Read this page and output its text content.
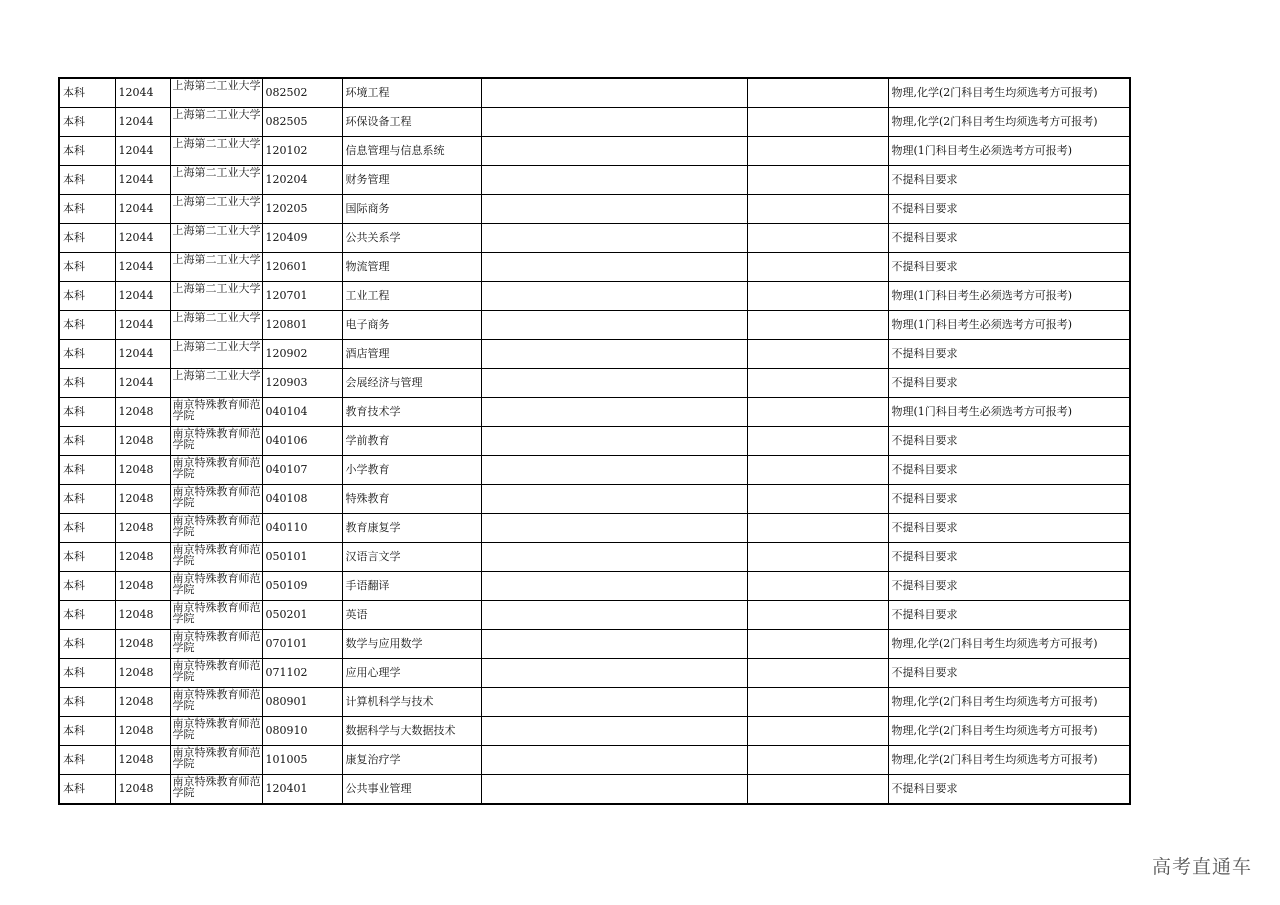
本科	12044	上海第二工业大学	082502	环境工程			物理,化学(2门科目考生均须选考方可报考)
本科	12044	上海第二工业大学	082505	环保设备工程			物理,化学(2门科目考生均须选考方可报考)
本科	12044	上海第二工业大学	120102	信息管理与信息系统			物理(1门科目考生必须选考方可报考)
本科	12044	上海第二工业大学	120204	财务管理			不提科目要求
本科	12044	上海第二工业大学	120205	国际商务			不提科目要求
本科	12044	上海第二工业大学	120409	公共关系学			不提科目要求
本科	12044	上海第二工业大学	120601	物流管理			不提科目要求
本科	12044	上海第二工业大学	120701	工业工程			物理(1门科目考生必须选考方可报考)
本科	12044	上海第二工业大学	120801	电子商务			物理(1门科目考生必须选考方可报考)
本科	12044	上海第二工业大学	120902	酒店管理			不提科目要求
本科	12044	上海第二工业大学	120903	会展经济与管理			不提科目要求
本科	12048	南京特殊教育师范学院	040104	教育技术学			物理(1门科目考生必须选考方可报考)
本科	12048	南京特殊教育师范学院	040106	学前教育			不提科目要求
本科	12048	南京特殊教育师范学院	040107	小学教育			不提科目要求
本科	12048	南京特殊教育师范学院	040108	特殊教育			不提科目要求
本科	12048	南京特殊教育师范学院	040110	教育康复学			不提科目要求
本科	12048	南京特殊教育师范学院	050101	汉语言文学			不提科目要求
本科	12048	南京特殊教育师范学院	050109	手语翻译			不提科目要求
本科	12048	南京特殊教育师范学院	050201	英语			不提科目要求
本科	12048	南京特殊教育师范学院	070101	数学与应用数学			物理,化学(2门科目考生均须选考方可报考)
本科	12048	南京特殊教育师范学院	071102	应用心理学			不提科目要求
本科	12048	南京特殊教育师范学院	080901	计算机科学与技术			物理,化学(2门科目考生均须选考方可报考)
本科	12048	南京特殊教育师范学院	080910	数据科学与大数据技术			物理,化学(2门科目考生均须选考方可报考)
本科	12048	南京特殊教育师范学院	101005	康复治疗学			物理,化学(2门科目考生均须选考方可报考)
本科	12048	南京特殊教育师范学院	120401	公共事业管理			不提科目要求
高考直通车
